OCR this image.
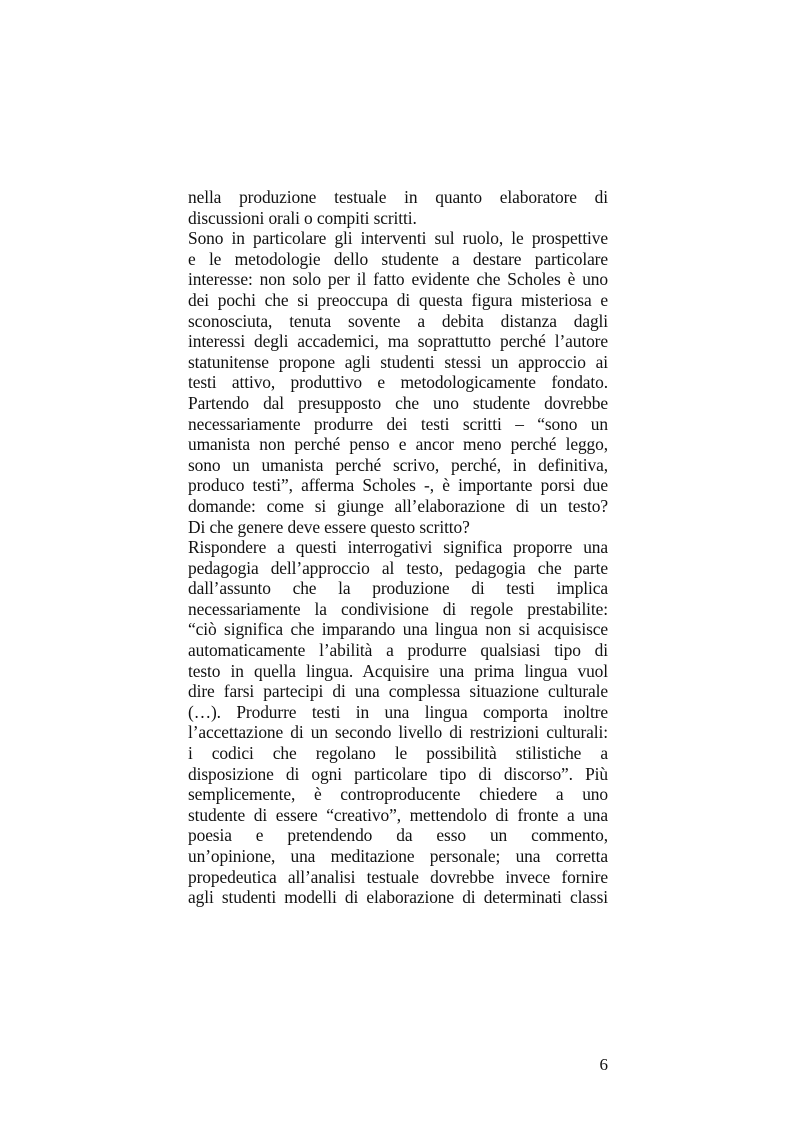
nella produzione testuale in quanto elaboratore di
discussioni orali o compiti scritti.
Sono in particolare gli interventi sul ruolo, le prospettive
e le metodologie dello studente a destare particolare
interesse: non solo per il fatto evidente che Scholes è uno
dei pochi che si preoccupa di questa figura misteriosa e
sconosciuta, tenuta sovente a debita distanza dagli
interessi degli accademici, ma soprattutto perché l’autore
statunitense propone agli studenti stessi un approccio ai
testi attivo, produttivo e metodologicamente fondato.
Partendo dal presupposto che uno studente dovrebbe
necessariamente produrre dei testi scritti – “sono un
umanista non perché penso e ancor meno perché leggo,
sono un umanista perché scrivo, perché, in definitiva,
produco testi”, afferma Scholes -, è importante porsi due
domande: come si giunge all’elaborazione di un testo?
Di che genere deve essere questo scritto?
Rispondere a questi interrogativi significa proporre una
pedagogia dell’approccio al testo, pedagogia che parte
dall’assunto che la produzione di testi implica
necessariamente la condivisione di regole prestabilite:
“ciò significa che imparando una lingua non si acquisisce
automaticamente l’abilità a produrre qualsiasi tipo di
testo in quella lingua. Acquisire una prima lingua vuol
dire farsi partecipi di una complessa situazione culturale
(…). Produrre testi in una lingua comporta inoltre
l’accettazione di un secondo livello di restrizioni culturali:
i codici che regolano le possibilità stilistiche a
disposizione di ogni particolare tipo di discorso”. Più
semplicemente, è controproducente chiedere a uno
studente di essere “creativo”, mettendolo di fronte a una
poesia e pretendendo da esso un commento,
un’opinione, una meditazione personale; una corretta
propedeutica all’analisi testuale dovrebbe invece fornire
agli studenti modelli di elaborazione di determinati classi
6
